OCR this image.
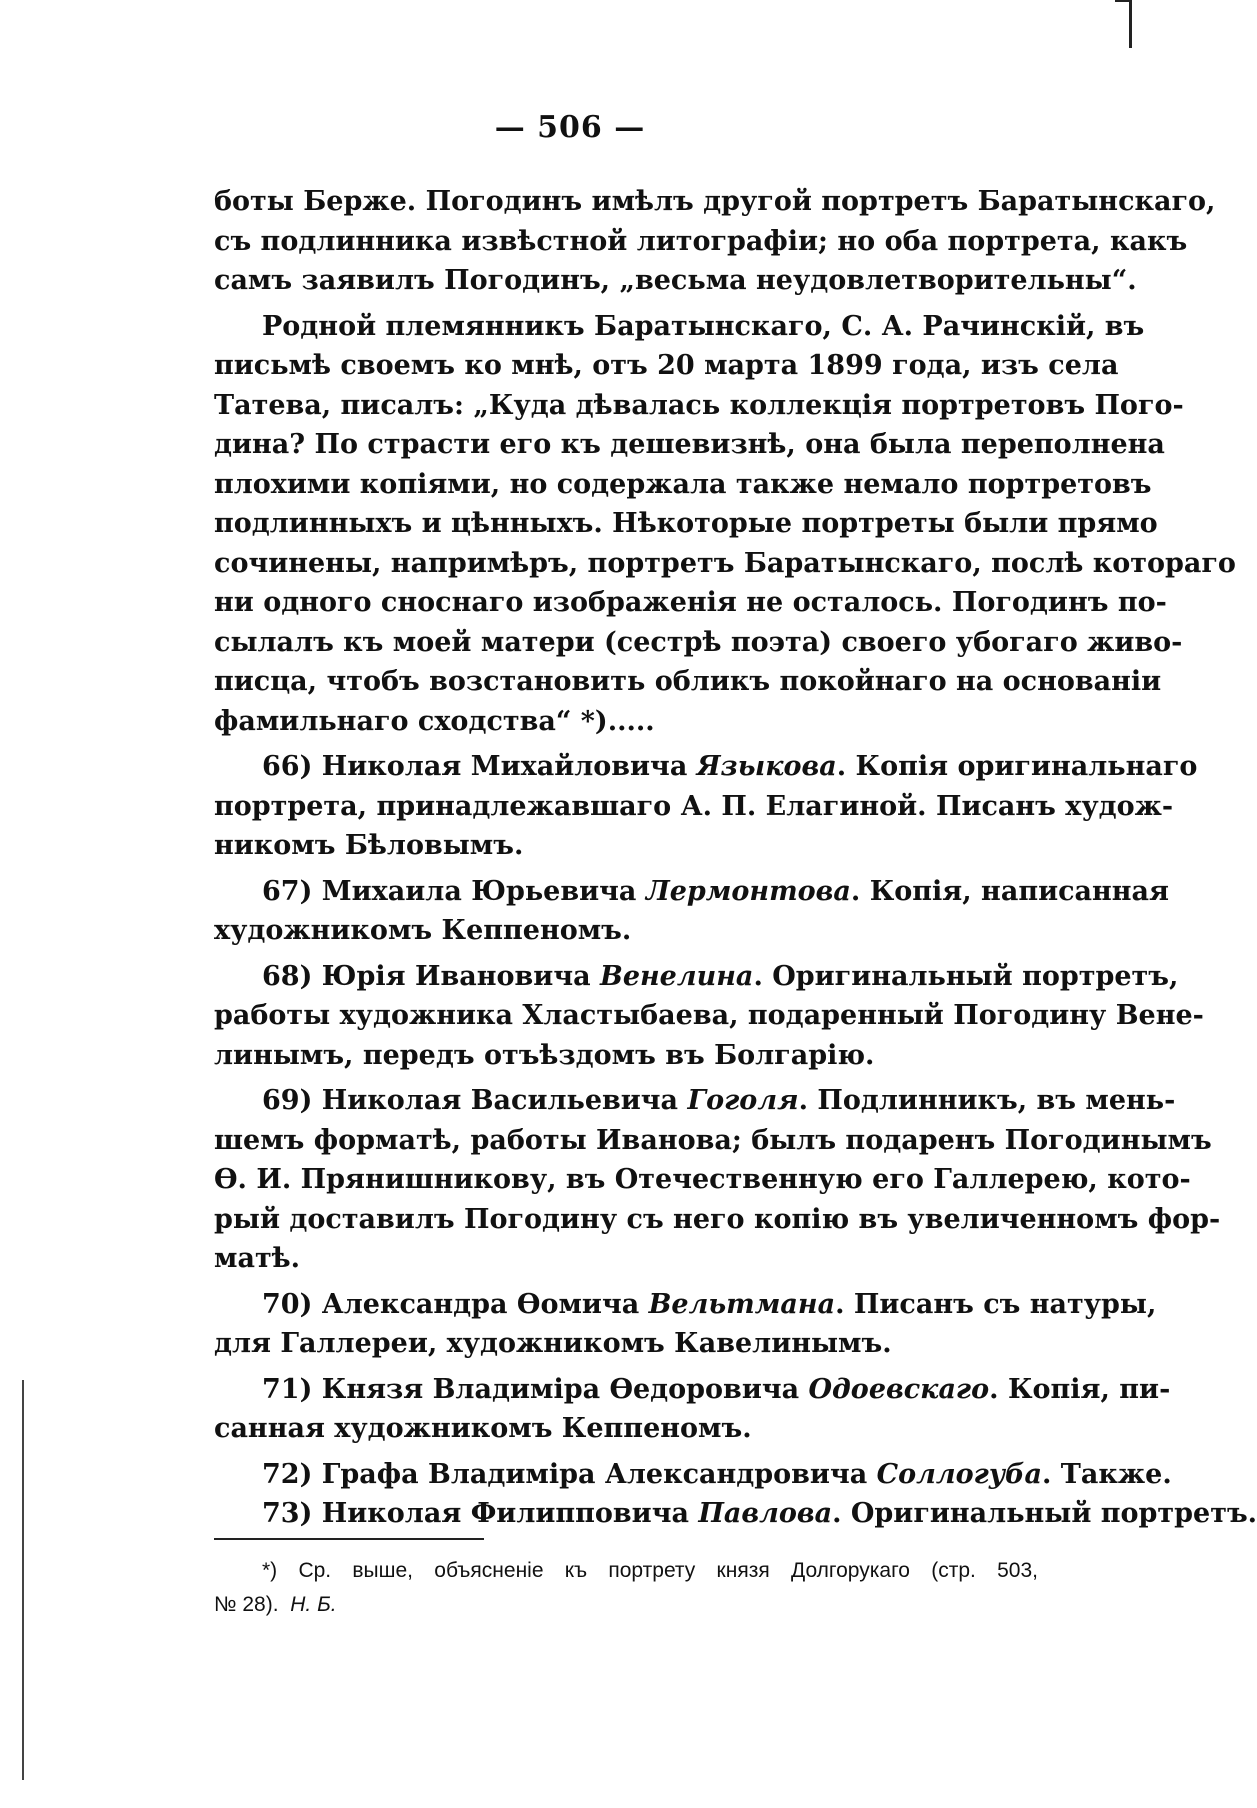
— 506 —
боты Берже. Погодинъ имѣлъ другой портретъ Баратынскаго,
съ подлинника извѣстной литографіи; но оба портрета, какъ
самъ заявилъ Погодинъ, „весьма неудовлетворительны“.
Родной племянникъ Баратынскаго, С. А. Рачинскій, въ
письмѣ своемъ ко мнѣ, отъ 20 марта 1899 года, изъ села
Татева, писалъ: „Куда дѣвалась коллекція портретовъ Пого-
дина? По страсти его къ дешевизнѣ, она была переполнена
плохими копіями, но содержала также немало портретовъ
подлинныхъ и цѣнныхъ. Нѣкоторые портреты были прямо
сочинены, напримѣръ, портретъ Баратынскаго, послѣ котораго
ни одного сноснаго изображенія не осталось. Погодинъ по-
сылалъ къ моей матери (сестрѣ поэта) своего убогаго живо-
писца, чтобъ возстановить обликъ покойнаго на основаніи
фамильнаго сходства“ *).....
66) Николая Михайловича Языкова. Копія оригинальнаго
портрета, принадлежавшаго А. П. Елагиной. Писанъ худож-
никомъ Бѣловымъ.
67) Михаила Юрьевича Лермонтова. Копія, написанная
художникомъ Кеппеномъ.
68) Юрія Ивановича Венелина. Оригинальный портретъ,
работы художника Хластыбаева, подаренный Погодину Вене-
линымъ, передъ отъѣздомъ въ Болгарію.
69) Николая Васильевича Гоголя. Подлинникъ, въ мень-
шемъ форматѣ, работы Иванова; былъ подаренъ Погодинымъ
Ѳ. И. Прянишникову, въ Отечественную его Галлерею, кото-
рый доставилъ Погодину съ него копію въ увеличенномъ фор-
матѣ.
70) Александра Ѳомича Вельтмана. Писанъ съ натуры,
для Галлереи, художникомъ Кавелинымъ.
71) Князя Владиміра Ѳедоровича Одоевскаго. Копія, пи-
санная художникомъ Кеппеномъ.
72) Графа Владиміра Александровича Соллогуба. Также.
73) Николая Филипповича Павлова. Оригинальный портретъ.
*) Ср. выше, объясненіе къ портрету князя Долгорукаго (стр. 503,
№ 28). Н. Б.
